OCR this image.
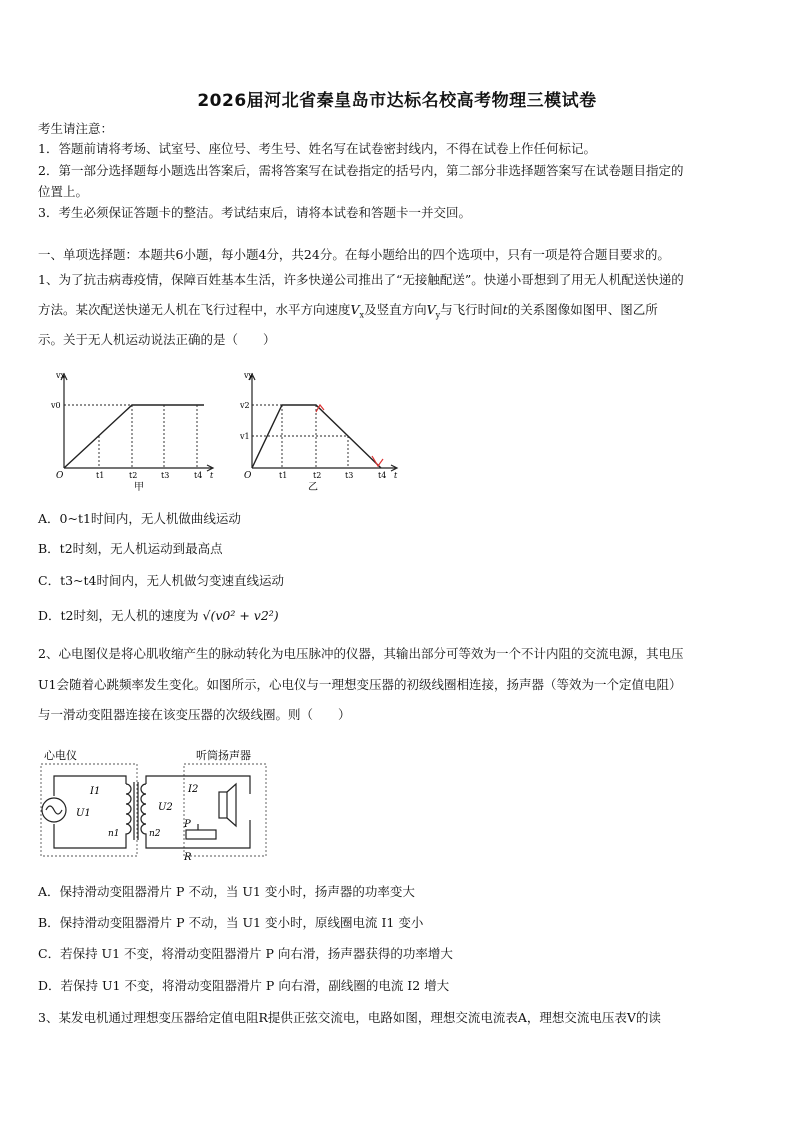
2026届河北省秦皇岛市达标名校高考物理三模试卷
考生请注意：
1．答题前请将考场、试室号、座位号、考生号、姓名写在试卷密封线内，不得在试卷上作任何标记。
2．第一部分选择题每小题选出答案后，需将答案写在试卷指定的括号内，第二部分非选择题答案写在试卷题目指定的
位置上。
3．考生必须保证答题卡的整洁。考试结束后，请将本试卷和答题卡一并交回。
一、单项选择题：本题共6小题，每小题4分，共24分。在每小题给出的四个选项中，只有一项是符合题目要求的。
1、为了抗击病毒疫情，保障百姓基本生活，许多快递公司推出了“无接触配送”。快递小哥想到了用无人机配送快递的
方法。某次配送快递无人机在飞行过程中，水平方向速度$V_x$及竖直方向$V_y$与飞行时间t的关系图像如图甲、图乙所
示。关于无人机运动说法正确的是（　　）
vx
v0
O	t1	t2	t3	t4 t
甲
vy
v2
v1
O	t1	t2	t3	t4 t
乙
A．0~t1时间内，无人机做曲线运动
B．t2时刻，无人机运动到最高点
C．t3~t4时间内，无人机做匀变速直线运动
D．t2时刻，无人机的速度为 √(v0² + v2²)
2、心电图仪是将心肌收缩产生的脉动转化为电压脉冲的仪器，其输出部分可等效为一个不计内阻的交流电源，其电压
U1会随着心跳频率发生变化。如图所示，心电仪与一理想变压器的初级线圈相连接，扬声器（等效为一个定值电阻）
与一滑动变阻器连接在该变压器的次级线圈。则（　　）
心电仪	听筒扬声器
I1
U1
n1
U2
n2
I2
P
R
A．保持滑动变阻器滑片 P 不动，当 U1 变小时，扬声器的功率变大
B．保持滑动变阻器滑片 P 不动，当 U1 变小时，原线圈电流 I1 变小
C．若保持 U1 不变，将滑动变阻器滑片 P 向右滑，扬声器获得的功率增大
D．若保持 U1 不变，将滑动变阻器滑片 P 向右滑，副线圈的电流 I2 增大
3、某发电机通过理想变压器给定值电阻R提供正弦交流电，电路如图，理想交流电流表A，理想交流电压表V的读
